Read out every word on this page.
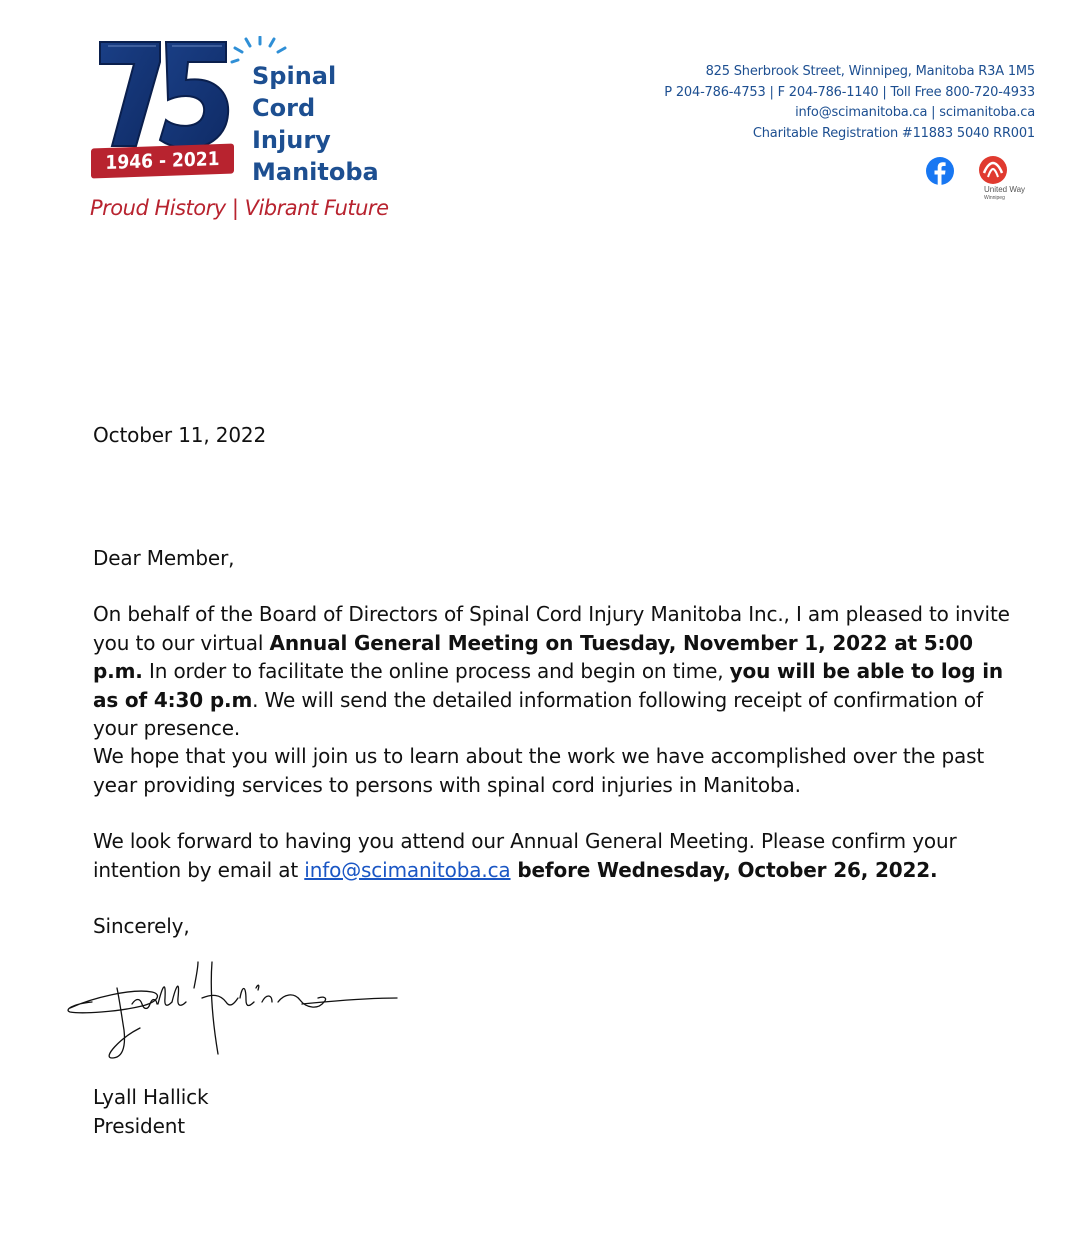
1946 - 2021
Spinal
Cord
Injury
Manitoba
Proud History | Vibrant Future
825 Sherbrook Street, Winnipeg, Manitoba R3A 1M5
P 204-786-4753 | F 204-786-1140 | Toll Free 800-720-4933
info@scimanitoba.ca | scimanitoba.ca
Charitable Registration #11883 5040 RR001
United Way
Winnipeg
October 11, 2022
Dear Member,
On behalf of the Board of Directors of Spinal Cord Injury Manitoba Inc., I am pleased to invite you to our virtual Annual General Meeting on Tuesday, November 1, 2022 at 5:00 p.m. In order to facilitate the online process and begin on time, you will be able to log in as of 4:30 p.m. We will send the detailed information following receipt of confirmation of your presence.
We hope that you will join us to learn about the work we have accomplished over the past year providing services to persons with spinal cord injuries in Manitoba.
We look forward to having you attend our Annual General Meeting. Please confirm your intention by email at info@scimanitoba.ca before Wednesday, October 26, 2022.
Sincerely,
Lyall Hallick
President
